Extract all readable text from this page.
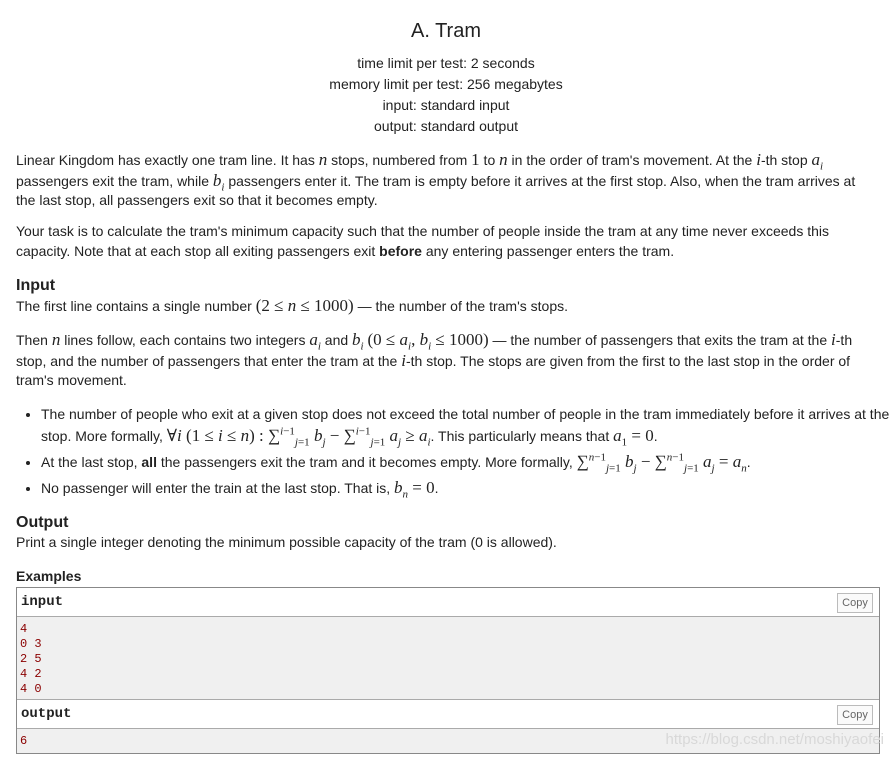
A. Tram
time limit per test: 2 seconds
memory limit per test: 256 megabytes
input: standard input
output: standard output
Linear Kingdom has exactly one tram line. It has n stops, numbered from 1 to n in the order of tram's movement. At the i-th stop $a_i$
passengers exit the tram, while $b_i$ passengers enter it. The tram is empty before it arrives at the first stop. Also, when the tram arrives at the last stop, all passengers exit so that it becomes empty.
Your task is to calculate the tram's minimum capacity such that the number of people inside the tram at any time never exceeds this capacity. Note that at each stop all exiting passengers exit before any entering passenger enters the tram.
Input
The first line contains a single number (2 ≤ n ≤ 1000) — the number of the tram's stops.
Then n lines follow, each contains two integers $a_i$ and $b_i$ ($0 \le a_i$, $b_i \le 1000$) — the number of passengers that exits the tram at the i-th stop, and the number of passengers that enter the tram at the i-th stop. The stops are given from the first to the last stop in the order of tram's movement.
• The number of people who exit at a given stop does not exceed the total number of people in the tram immediately before it arrives at the stop. More formally, ∀i (1 ≤ i ≤ n) : ∑$^{i-1}_{j=1}$ $b_j - \sum^{i-1}_{j=1}$ $a_j \ge a_i$. This particularly means that $a_1 = 0$.
• At the last stop, all the passengers exit the tram and it becomes empty. More formally, ∑$^{n-1}_{j=1}$ $b_j - \sum^{n-1}_{j=1}$ $a_j = a_n$.
• No passenger will enter the train at the last stop. That is, $b_n = 0$.
Output
Print a single integer denoting the minimum possible capacity of the tram (0 is allowed).
Examples
input	Copy
4
0 3
2 5
4 2
4 0
output	Copy
6	https://blog.csdn.net/moshiyaofei
